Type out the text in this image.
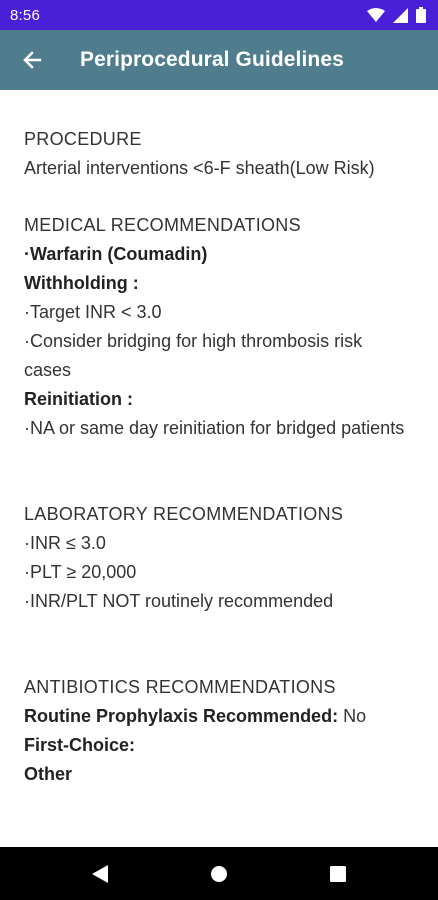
8:56
Periprocedural Guidelines
PROCEDURE
Arterial interventions <6-F sheath(Low Risk)
MEDICAL RECOMMENDATIONS
·Warfarin (Coumadin)
Withholding :
·Target INR < 3.0
·Consider bridging for high thrombosis risk cases
Reinitiation :
·NA or same day reinitiation for bridged patients
LABORATORY RECOMMENDATIONS
·INR ≤ 3.0
·PLT ≥ 20,000
·INR/PLT NOT routinely recommended
ANTIBIOTICS RECOMMENDATIONS
Routine Prophylaxis Recommended: No
First-Choice:
Other
